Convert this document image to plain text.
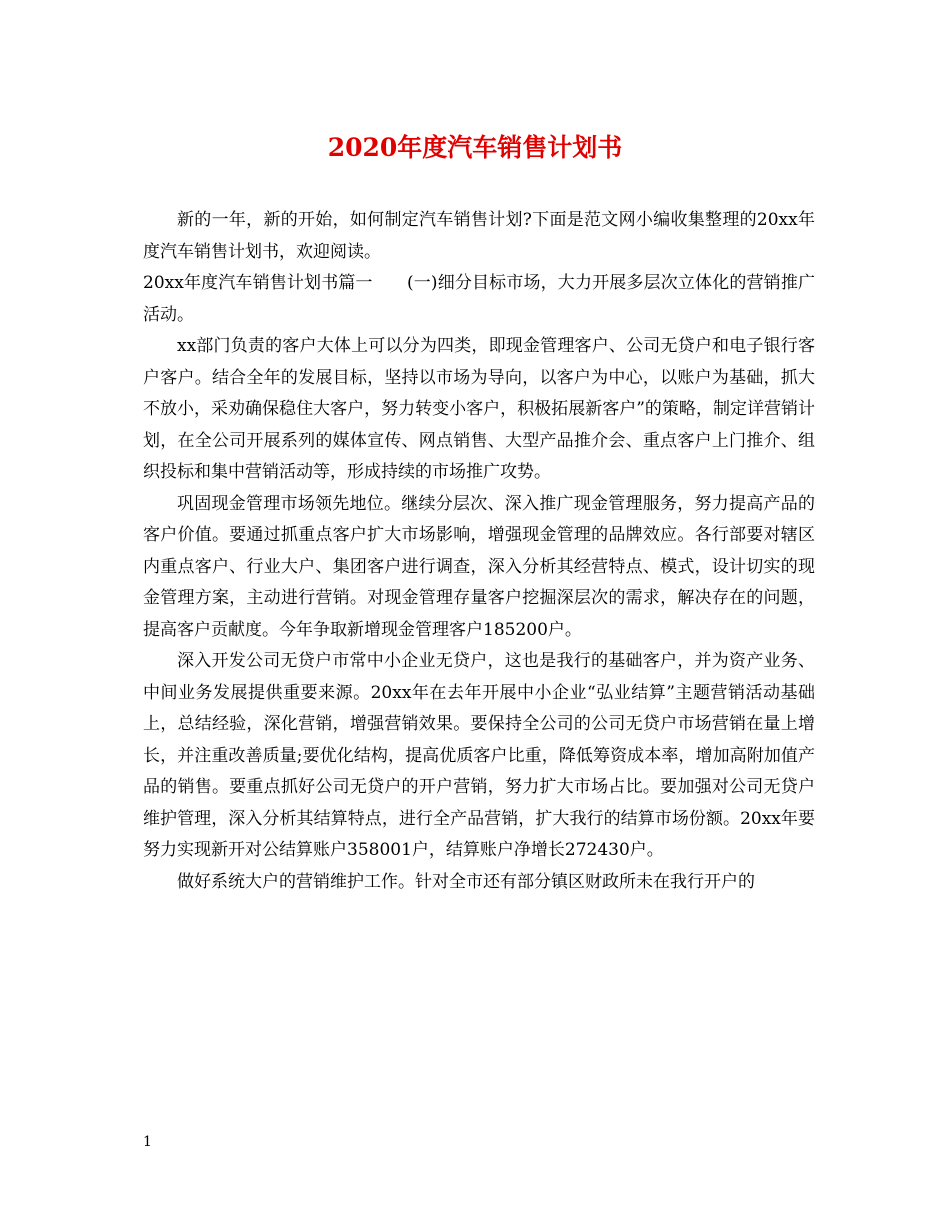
2020年度汽车销售计划书

新的一年，新的开始，如何制定汽车销售计划?下面是范文网小编收集整理的20xx年度汽车销售计划书，欢迎阅读。

20xx年度汽车销售计划书篇一　　(一)细分目标市场，大力开展多层次立体化的营销推广活动。

xx部门负责的客户大体上可以分为四类，即现金管理客户、公司无贷户和电子银行客户客户。结合全年的发展目标，坚持以市场为导向，以客户为中心，以账户为基础，抓大不放小，采劝确保稳住大客户，努力转变小客户，积极拓展新客户”的策略，制定详营销计划，在全公司开展系列的媒体宣传、网点销售、大型产品推介会、重点客户上门推介、组织投标和集中营销活动等，形成持续的市场推广攻势。

巩固现金管理市场领先地位。继续分层次、深入推广现金管理服务，努力提高产品的客户价值。要通过抓重点客户扩大市场影响，增强现金管理的品牌效应。各行部要对辖区内重点客户、行业大户、集团客户进行调查，深入分析其经营特点、模式，设计切实的现金管理方案，主动进行营销。对现金管理存量客户挖掘深层次的需求，解决存在的问题，提高客户贡献度。今年争取新增现金管理客户185200户。

深入开发公司无贷户市常中小企业无贷户，这也是我行的基础客户，并为资产业务、中间业务发展提供重要来源。20xx年在去年开展中小企业“弘业结算”主题营销活动基础上，总结经验，深化营销，增强营销效果。要保持全公司的公司无贷户市场营销在量上增长，并注重改善质量;要优化结构，提高优质客户比重，降低筹资成本率，增加高附加值产品的销售。要重点抓好公司无贷户的开户营销，努力扩大市场占比。要加强对公司无贷户维护管理，深入分析其结算特点，进行全产品营销，扩大我行的结算市场份额。20xx年要努力实现新开对公结算账户358001户，结算账户净增长272430户。

做好系统大户的营销维护工作。针对全市还有部分镇区财政所未在我行开户的

1
